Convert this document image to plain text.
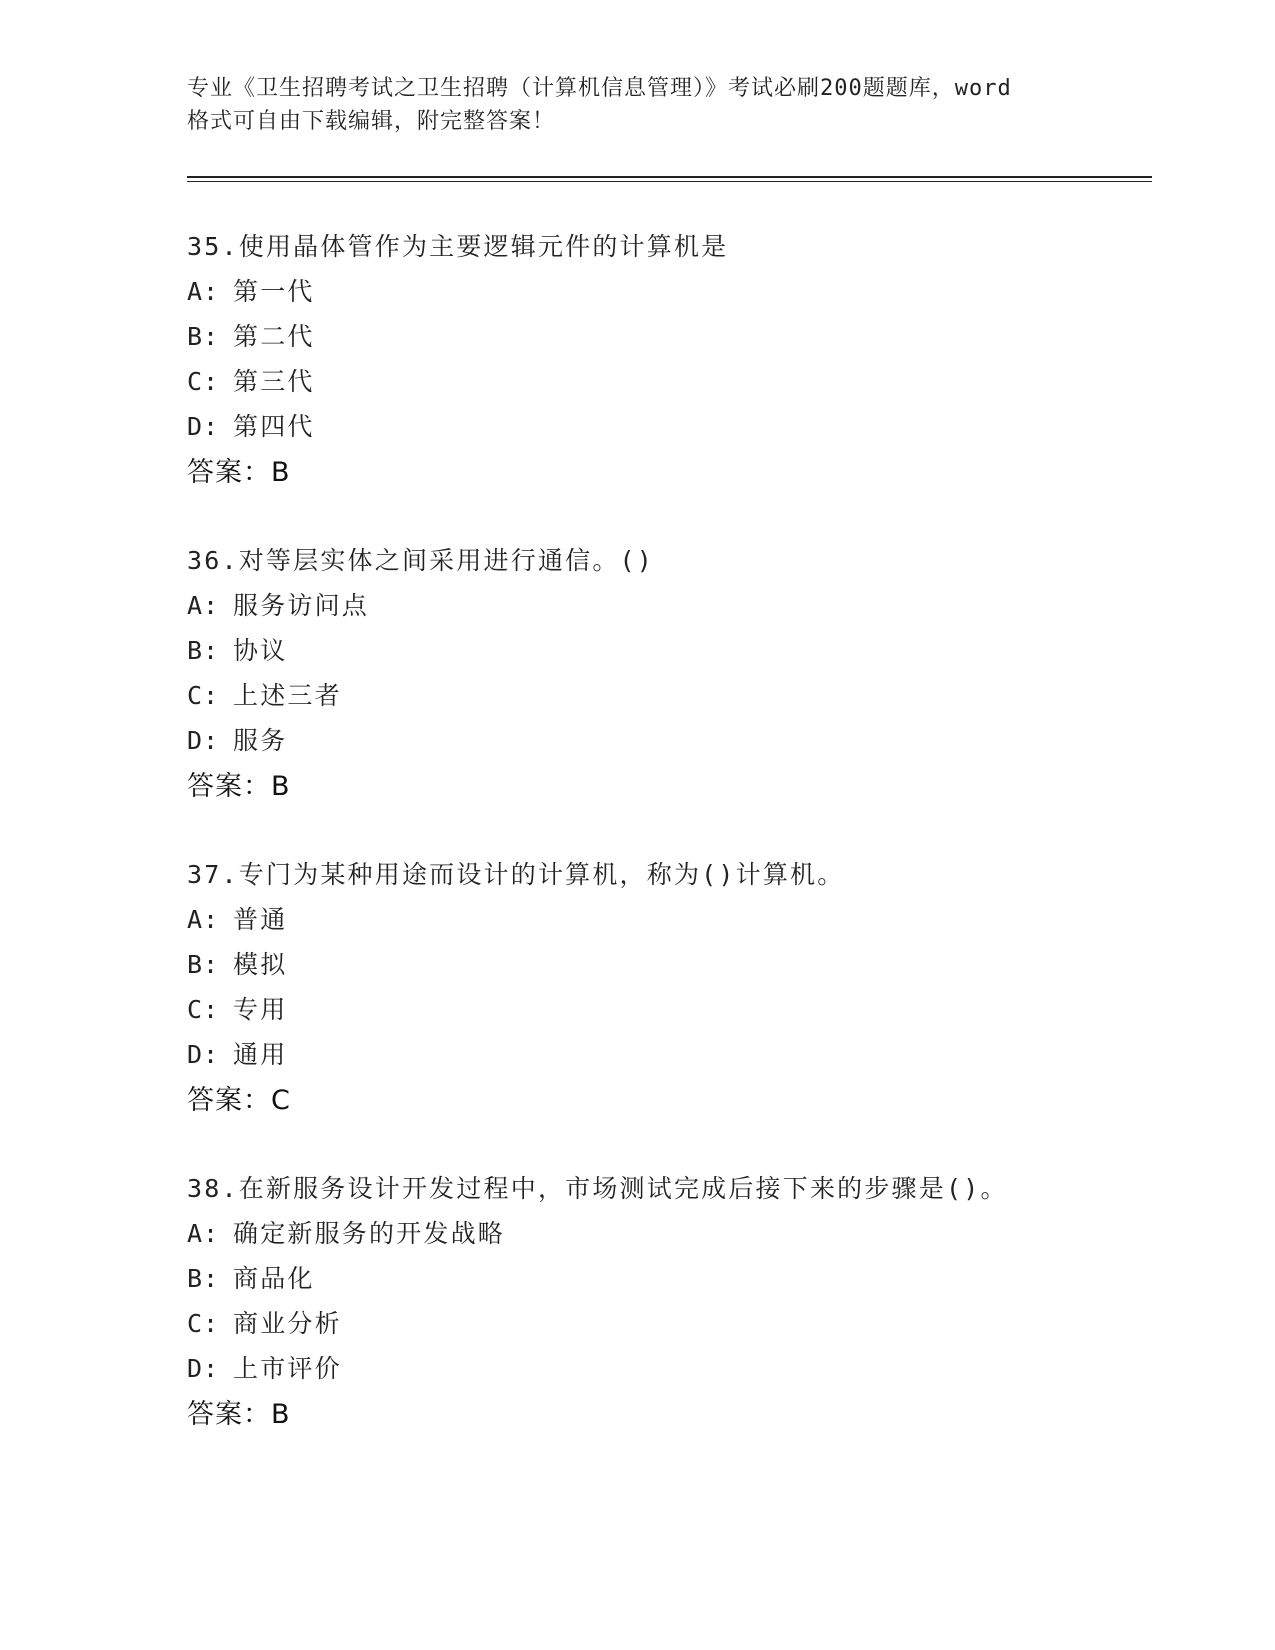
专业《卫生招聘考试之卫生招聘（计算机信息管理）》考试必刷200题题库，word
格式可自由下载编辑，附完整答案！
35.使用晶体管作为主要逻辑元件的计算机是
A: 第一代
B: 第二代
C: 第三代
D: 第四代
答案：B
36.对等层实体之间采用进行通信。()
A: 服务访问点
B: 协议
C: 上述三者
D: 服务
答案：B
37.专门为某种用途而设计的计算机，称为()计算机。
A: 普通
B: 模拟
C: 专用
D: 通用
答案：C
38.在新服务设计开发过程中，市场测试完成后接下来的步骤是()。
A: 确定新服务的开发战略
B: 商品化
C: 商业分析
D: 上市评价
答案：B
